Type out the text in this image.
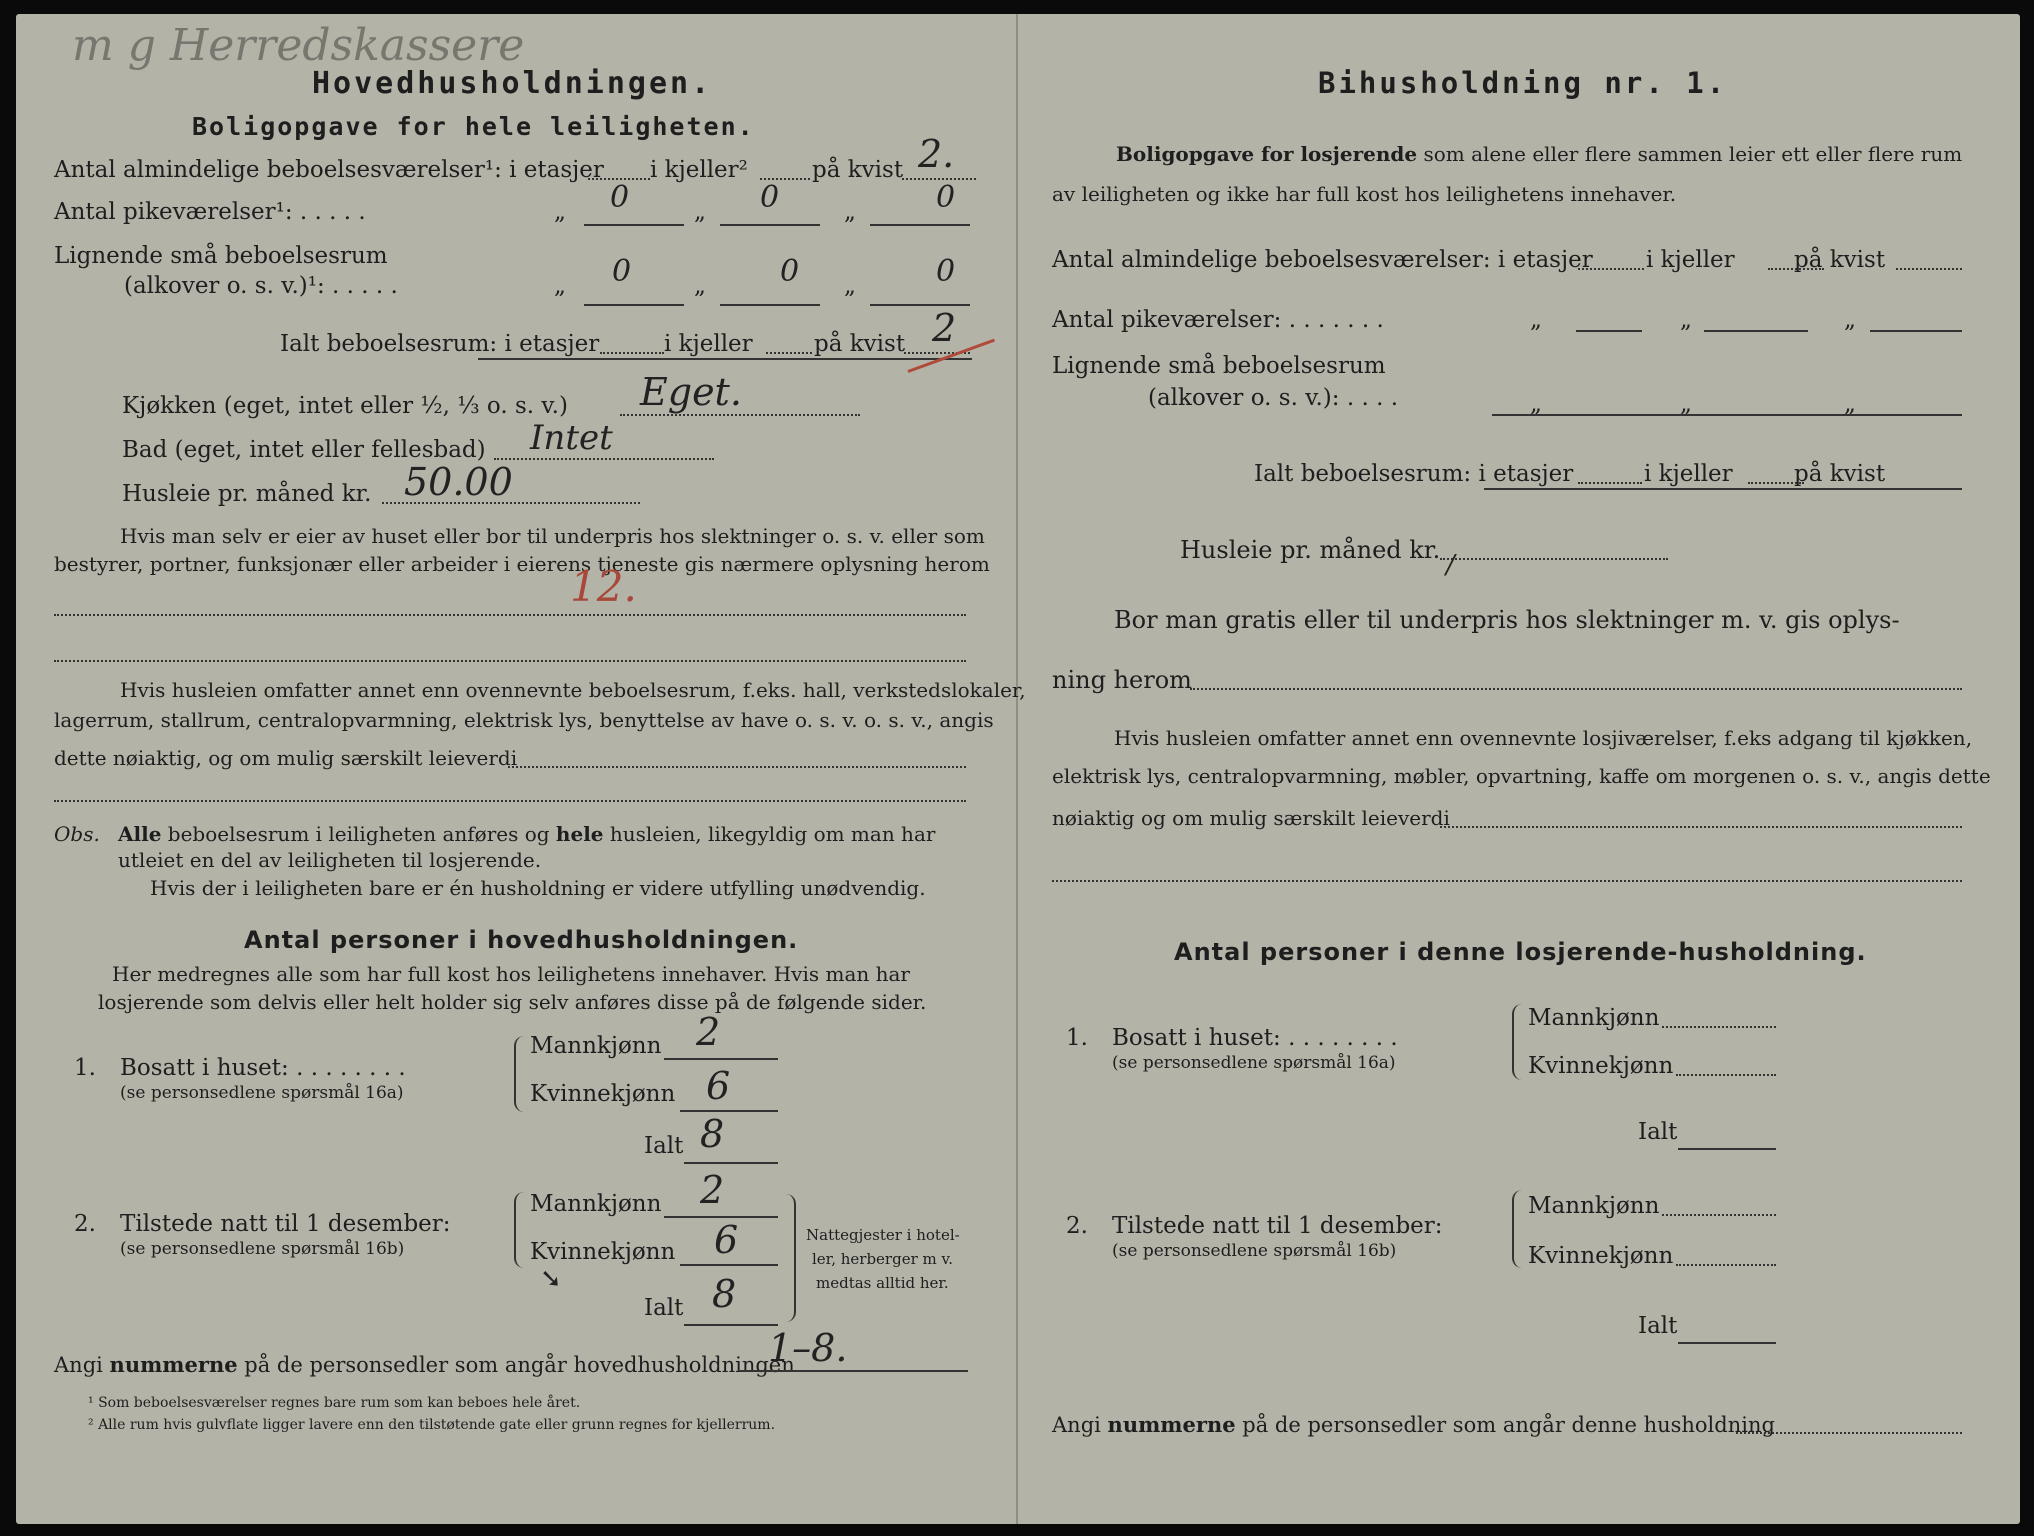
m g Herredskassere
Hovedhusholdningen.
Boligopgave for hele leiligheten.
Antal almindelige beboelsesværelser¹: i etasjer i kjeller²	på kvist 2.
Antal pikeværelser¹: . . . . .	„ 0	„ 0	„	0
Lignende små beboelsesrum
(alkover o. s. v.)¹: . . . . .	„ 0	„ 0 „	0
Ialt beboelsesrum: i etasjer	i kjeller	på kvist 2
Kjøkken (eget, intet eller ½, ⅓ o. s. v.) Eget.
Bad (eget, intet eller fellesbad) Intet
Husleie pr. måned kr. 50.00
Hvis man selv er eier av huset eller bor til underpris hos slektninger o. s. v. eller som
bestyrer, portner, funksjonær eller arbeider i eierens tjeneste gis nærmere oplysning herom
12.
Hvis husleien omfatter annet enn ovennevnte beboelsesrum, f.eks. hall, verkstedslokaler,
lagerrum, stallrum, centralopvarmning, elektrisk lys, benyttelse av have o. s. v. o. s. v., angis
dette nøiaktig, og om mulig særskilt leieverdi
Obs. Alle beboelsesrum i leiligheten anføres og hele husleien, likegyldig om man har
utleiet en del av leiligheten til losjerende.
Hvis der i leiligheten bare er én husholdning er videre utfylling unødvendig.
Antal personer i hovedhusholdningen.
Her medregnes alle som har full kost hos leilighetens innehaver. Hvis man har
losjerende som delvis eller helt holder sig selv anføres disse på de følgende sider.
1. Bosatt i huset: . . . . . . . .
(se personsedlene spørsmål 16a)
Mannkjønn 2
Kvinnekjønn 6
Ialt 8
2. Tilstede natt til 1 desember:
(se personsedlene spørsmål 16b)
Mannkjønn 2
Kvinnekjønn 6
Ialt 8
➘
Nattegjester i hotel-
ler, herberger m v.
medtas alltid her.
Angi nummerne på de personsedler som angår hovedhusholdningen
1–8.
¹ Som beboelsesværelser regnes bare rum som kan beboes hele året.
² Alle rum hvis gulvflate ligger lavere enn den tilstøtende gate eller grunn regnes for kjellerrum.
Bihusholdning nr. 1.
Boligopgave for losjerende som alene eller flere sammen leier ett eller flere rum
av leiligheten og ikke har full kost hos leilighetens innehaver.
Antal almindelige beboelsesværelser: i etasjer i kjeller	på kvist
Antal pikeværelser: . . . . . . .	„	„	„
Lignende små beboelsesrum
(alkover o. s. v.): . . . .	„	„	„
Ialt beboelsesrum: i etasjer	i kjeller	på kvist
Husleie pr. måned kr. /
Bor man gratis eller til underpris hos slektninger m. v. gis oplys-
ning herom
Hvis husleien omfatter annet enn ovennevnte losjiværelser, f.eks adgang til kjøkken,
elektrisk lys, centralopvarmning, møbler, opvartning, kaffe om morgenen o. s. v., angis dette
nøiaktig og om mulig særskilt leieverdi
Antal personer i denne losjerende-husholdning.
1. Bosatt i huset: . . . . . . . .
(se personsedlene spørsmål 16a)
Mannkjønn
Kvinnekjønn
Ialt
2. Tilstede natt til 1 desember:
(se personsedlene spørsmål 16b)
Mannkjønn
Kvinnekjønn
Ialt
Angi nummerne på de personsedler som angår denne husholdning
